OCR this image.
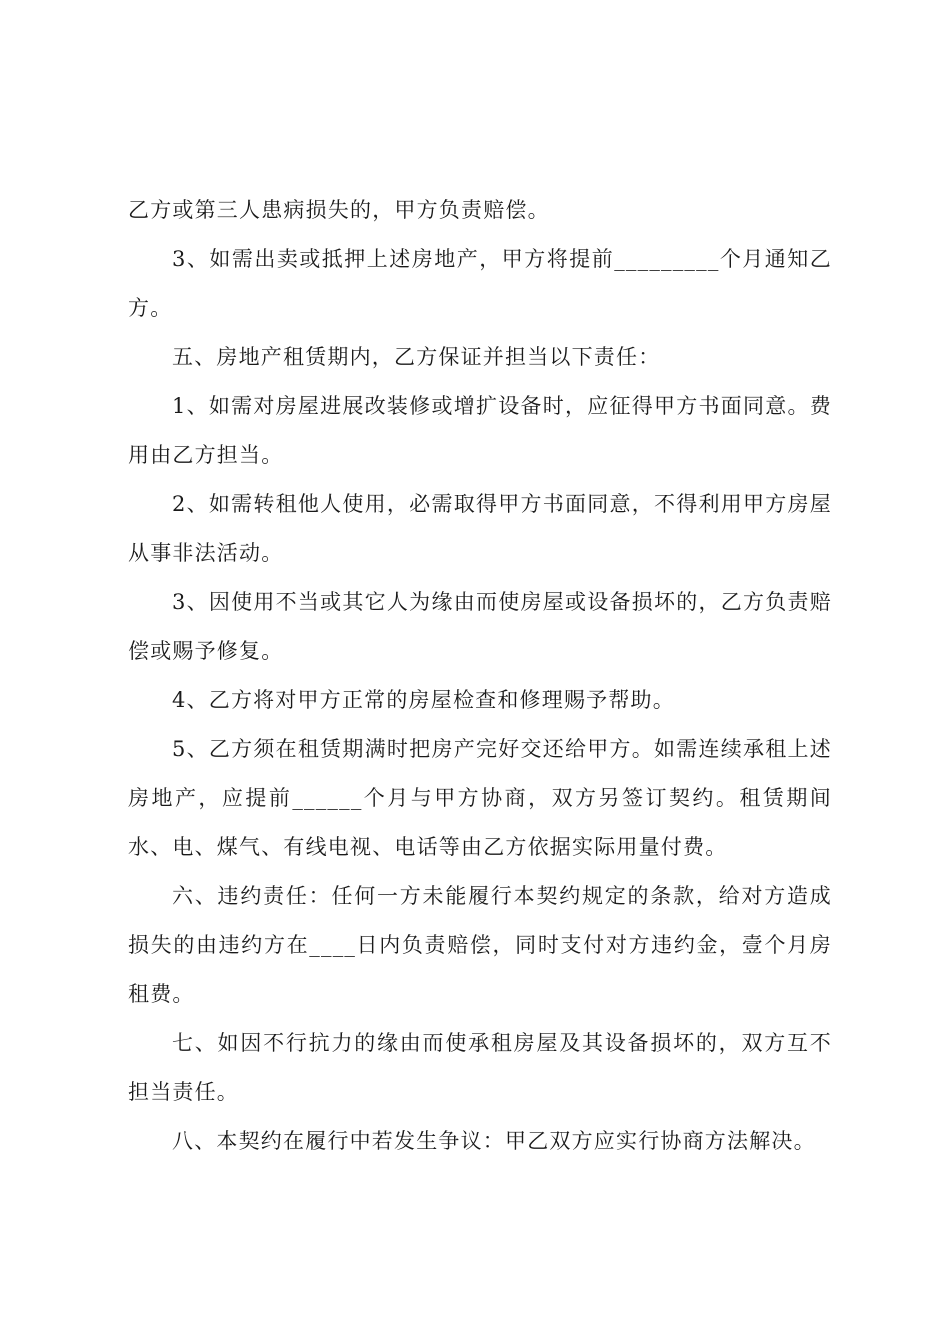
乙方或第三人患病损失的，甲方负责赔偿。

3、如需出卖或抵押上述房地产，甲方将提前_________个月通知乙方。

五、房地产租赁期内，乙方保证并担当以下责任：

1、如需对房屋进展改装修或增扩设备时，应征得甲方书面同意。费用由乙方担当。

2、如需转租他人使用，必需取得甲方书面同意，不得利用甲方房屋从事非法活动。

3、因使用不当或其它人为缘由而使房屋或设备损坏的，乙方负责赔偿或赐予修复。

4、乙方将对甲方正常的房屋检查和修理赐予帮助。

5、乙方须在租赁期满时把房产完好交还给甲方。如需连续承租上述房地产，应提前______个月与甲方协商，双方另签订契约。租赁期间水、电、煤气、有线电视、电话等由乙方依据实际用量付费。

六、违约责任：任何一方未能履行本契约规定的条款，给对方造成损失的由违约方在____日内负责赔偿，同时支付对方违约金，壹个月房租费。

七、如因不行抗力的缘由而使承租房屋及其设备损坏的，双方互不担当责任。

八、本契约在履行中若发生争议：甲乙双方应实行协商方法解决。
